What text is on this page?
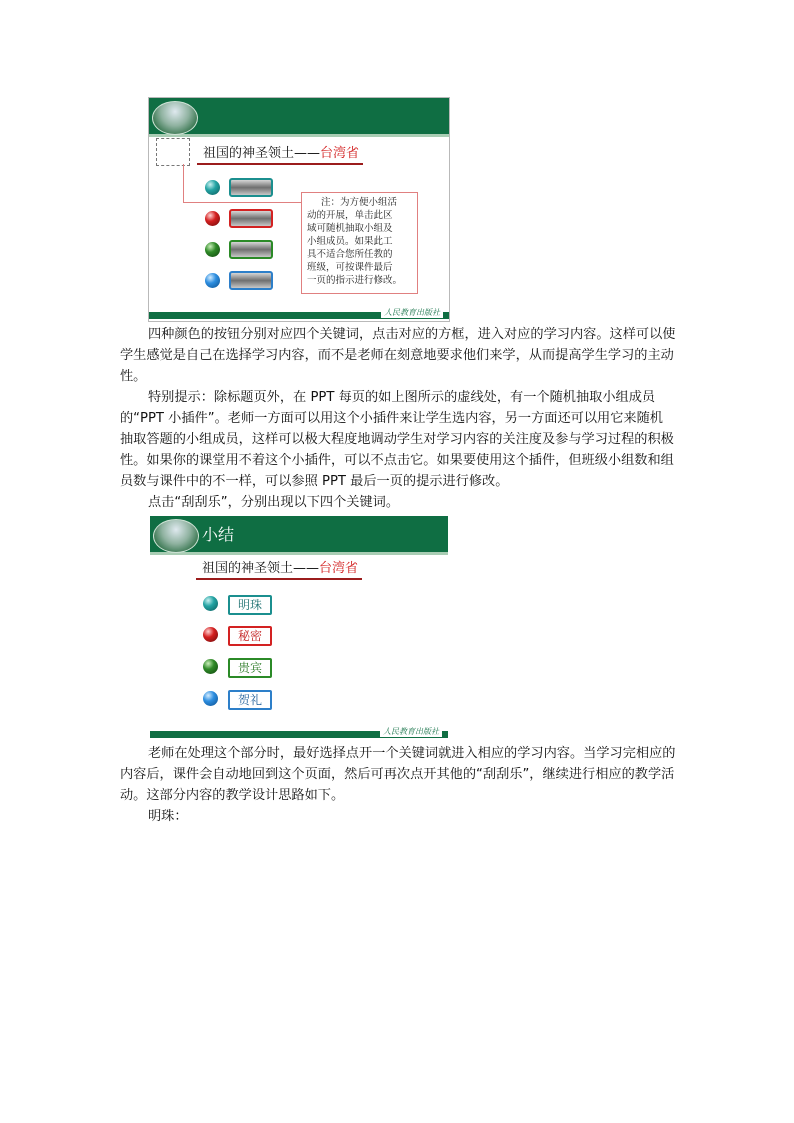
祖国的神圣领土——台湾省
注：为方便小组活
动的开展，单击此区
域可随机抽取小组及
小组成员。如果此工
具不适合您所任教的
班级，可按课件最后
一页的指示进行修改。
人民教育出版社

四种颜色的按钮分别对应四个关键词，点击对应的方框，进入对应的学习内容。这样可以使学生感觉是自己在选择学习内容，而不是老师在刻意地要求他们来学，从而提高学生学习的主动性。

特别提示：除标题页外，在 PPT 每页的如上图所示的虚线处，有一个随机抽取小组成员的“PPT 小插件”。老师一方面可以用这个小插件来让学生选内容，另一方面还可以用它来随机抽取答题的小组成员，这样可以极大程度地调动学生对学习内容的关注度及参与学习过程的积极性。如果你的课堂用不着这个小插件，可以不点击它。如果要使用这个插件，但班级小组数和组员数与课件中的不一样，可以参照 PPT 最后一页的提示进行修改。

点击“刮刮乐”，分别出现以下四个关键词。

小结
祖国的神圣领土——台湾省
明珠
秘密
贵宾
贺礼
人民教育出版社

老师在处理这个部分时，最好选择点开一个关键词就进入相应的学习内容。当学习完相应的内容后，课件会自动地回到这个页面，然后可再次点开其他的“刮刮乐”，继续进行相应的教学活动。这部分内容的教学设计思路如下。

明珠：
